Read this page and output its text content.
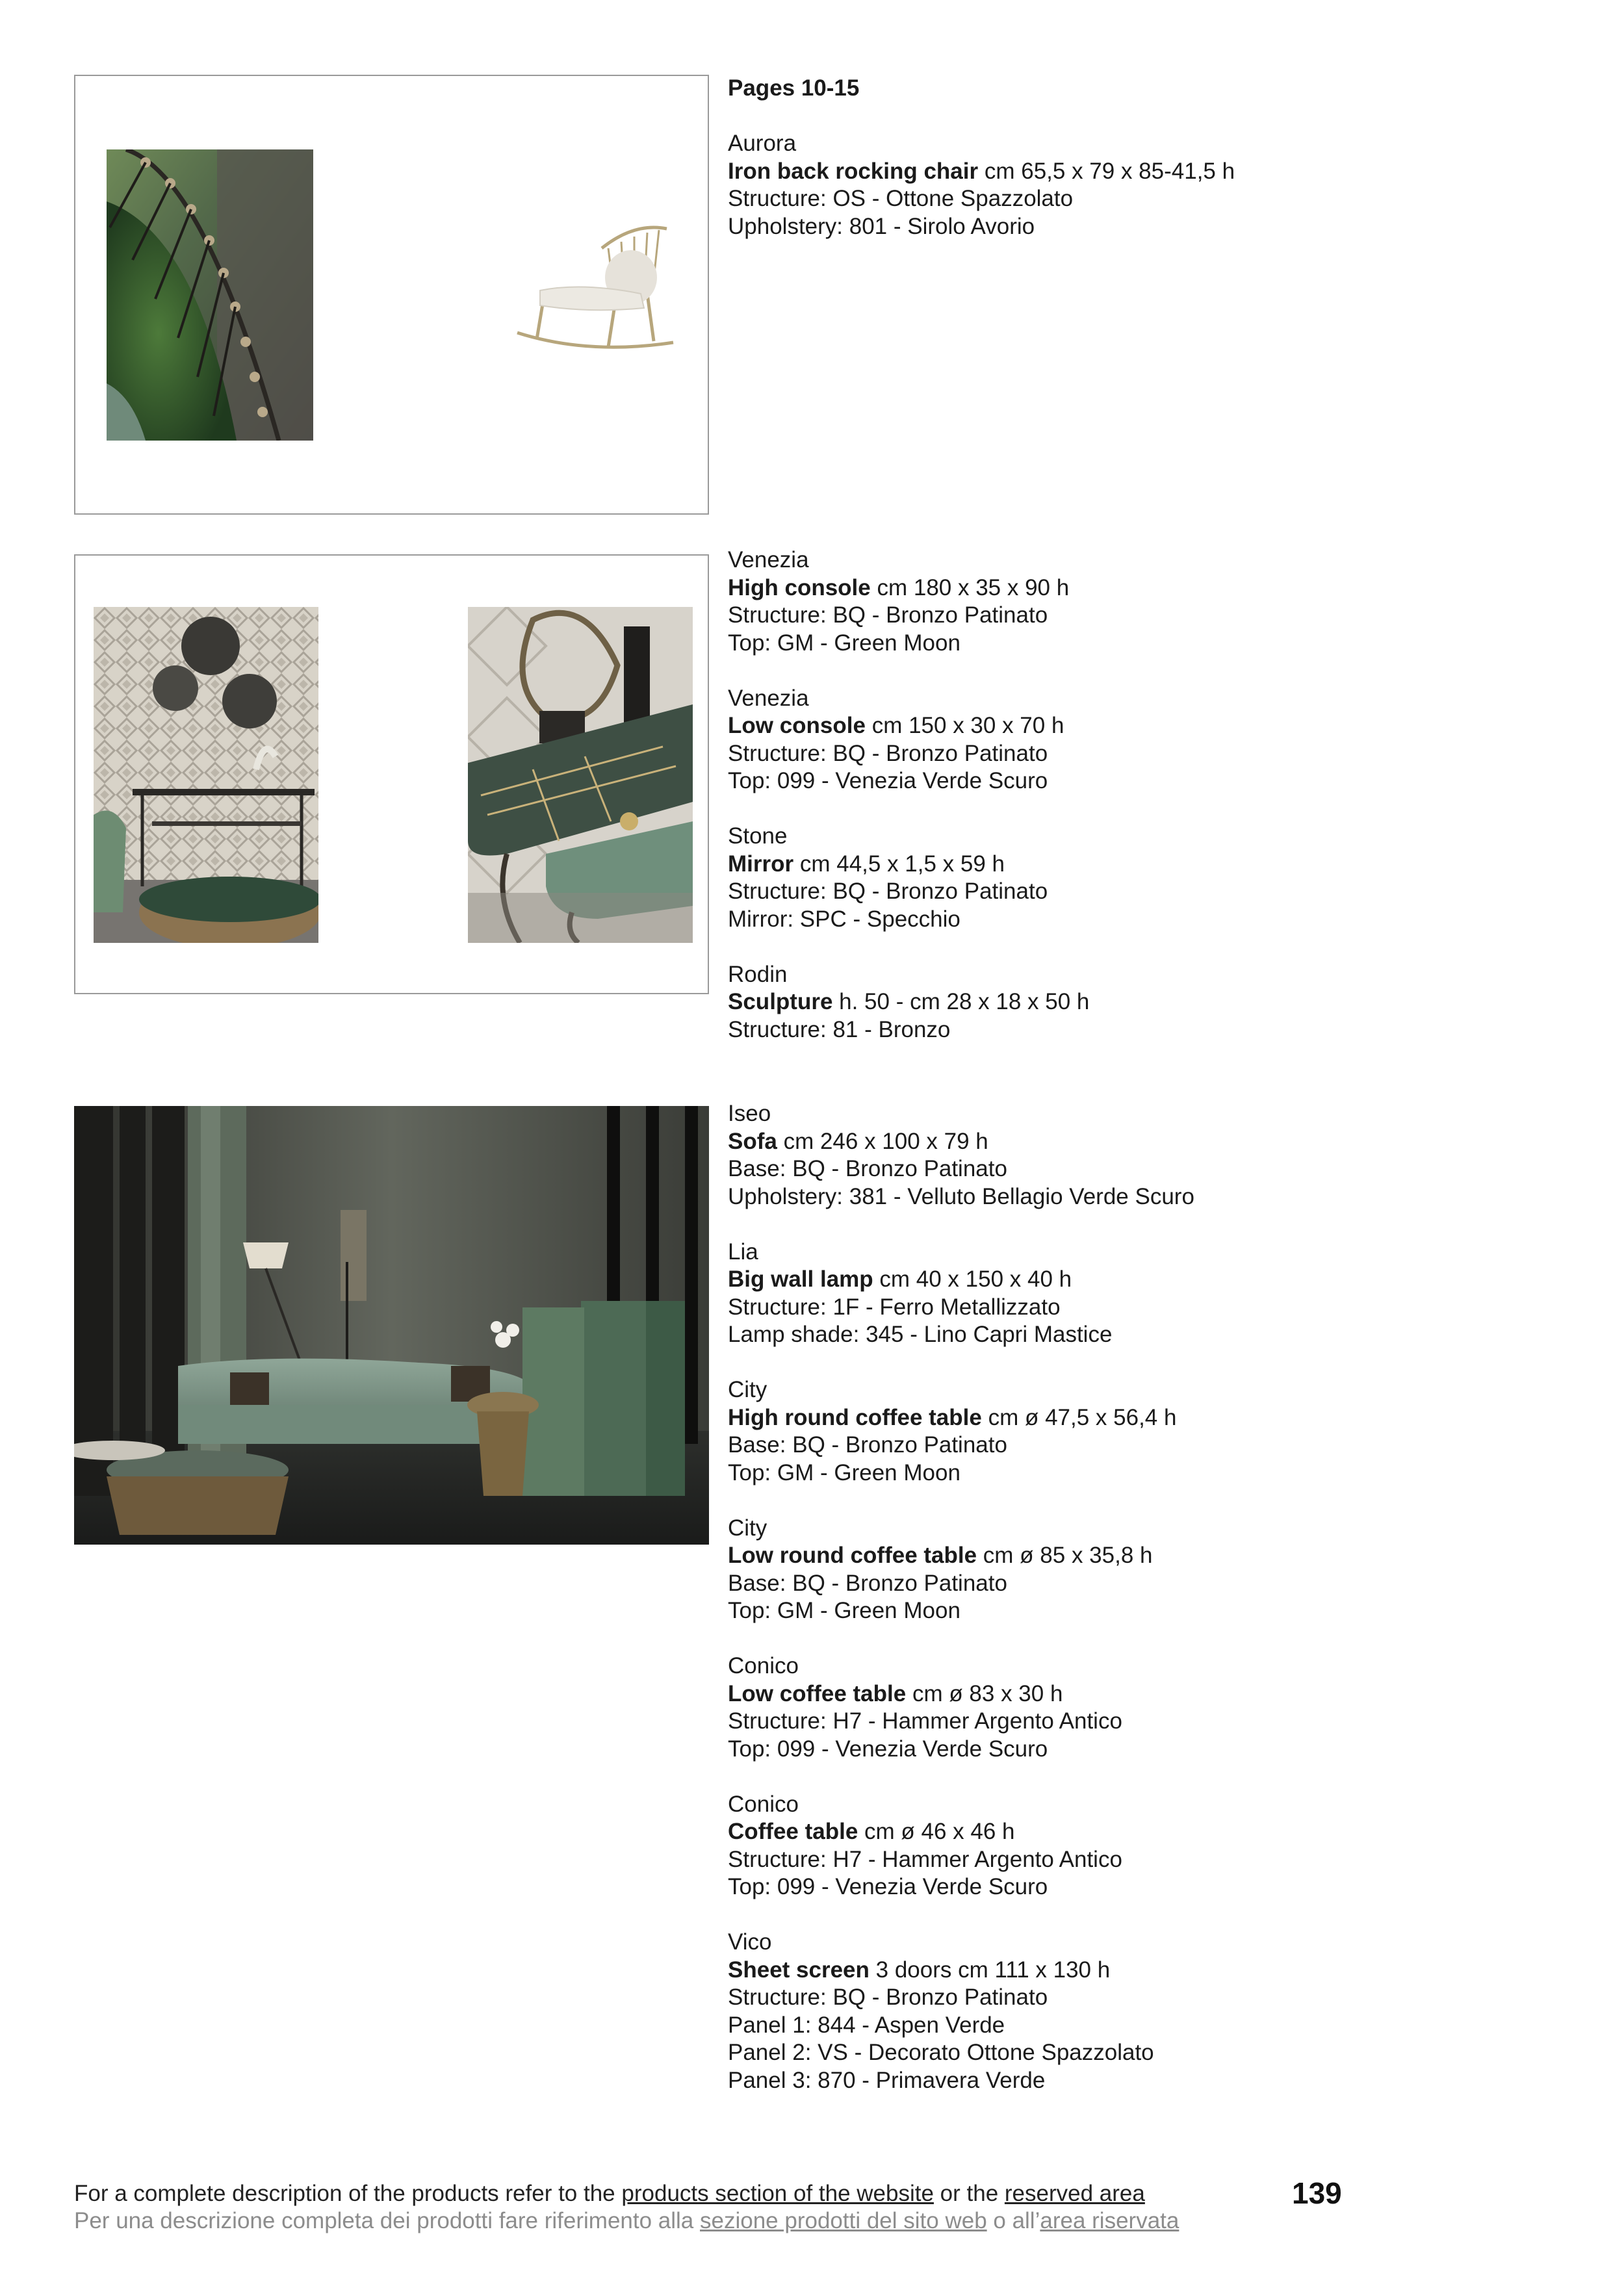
Pages 10-15
Aurora
Iron back rocking chair cm 65,5 x 79 x 85-41,5 h
Structure: OS - Ottone Spazzolato
Upholstery: 801 - Sirolo Avorio
Venezia
High console cm 180 x 35 x 90 h
Structure: BQ - Bronzo Patinato
Top: GM - Green Moon
Venezia
Low console cm 150 x 30 x 70 h
Structure: BQ - Bronzo Patinato
Top: 099 - Venezia Verde Scuro
Stone
Mirror cm 44,5 x 1,5 x 59 h
Structure: BQ - Bronzo Patinato
Mirror: SPC - Specchio
Rodin
Sculpture h. 50 - cm 28 x 18 x 50 h
Structure: 81 - Bronzo
Iseo
Sofa cm 246 x 100 x 79 h
Base: BQ - Bronzo Patinato
Upholstery: 381 - Velluto Bellagio Verde Scuro
Lia
Big wall lamp cm 40 x 150 x 40 h
Structure: 1F - Ferro Metallizzato
Lamp shade: 345 - Lino Capri Mastice
City
High round coffee table cm ø 47,5 x 56,4 h
Base: BQ - Bronzo Patinato
Top: GM - Green Moon
City
Low round coffee table cm ø 85 x 35,8 h
Base: BQ - Bronzo Patinato
Top: GM - Green Moon
Conico
Low coffee table cm ø 83 x 30 h
Structure: H7 - Hammer Argento Antico
Top: 099 - Venezia Verde Scuro
Conico
Coffee table cm ø 46 x 46 h
Structure: H7 - Hammer Argento Antico
Top: 099 - Venezia Verde Scuro
Vico
Sheet screen 3 doors cm 111 x 130 h
Structure: BQ - Bronzo Patinato
Panel 1: 844 - Aspen Verde
Panel 2: VS - Decorato Ottone Spazzolato
Panel 3: 870 - Primavera Verde
For a complete description of the products refer to the products section of the website or the reserved area
Per una descrizione completa dei prodotti fare riferimento alla sezione prodotti del sito web o all’area riservata
139
